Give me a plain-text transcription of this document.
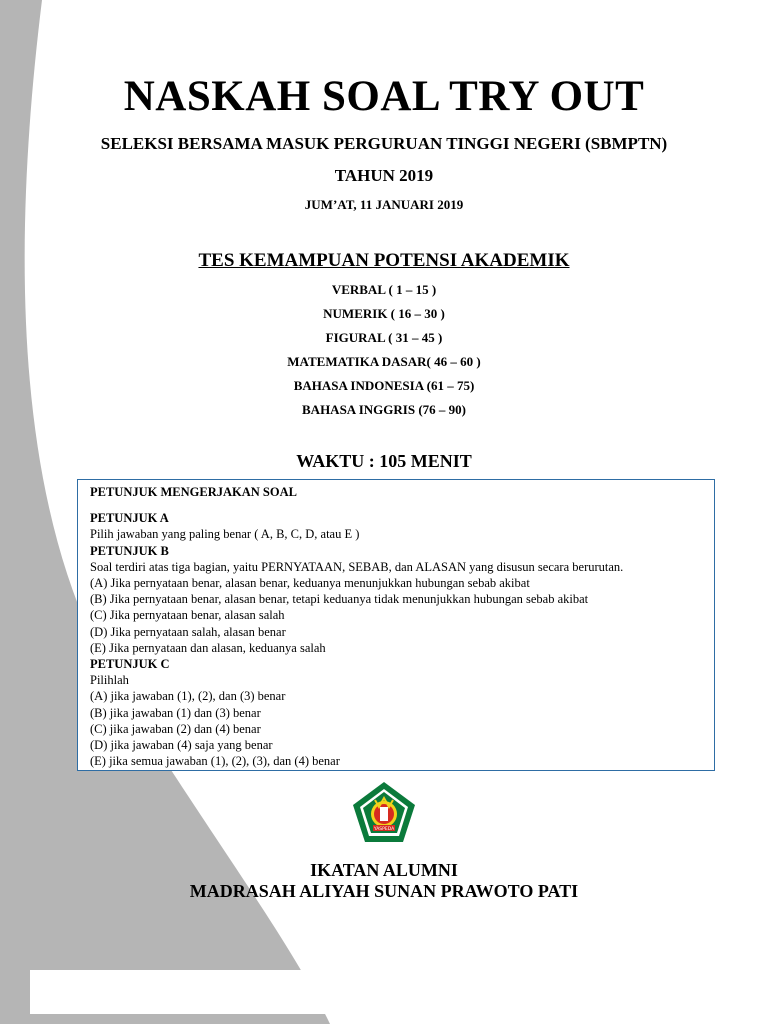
NASKAH SOAL TRY OUT
SELEKSI BERSAMA MASUK PERGURUAN TINGGI NEGERI (SBMPTN)
TAHUN 2019
JUM’AT, 11 JANUARI 2019
TES KEMAMPUAN POTENSI AKADEMIK
VERBAL ( 1 – 15 )
NUMERIK ( 16 – 30 )
FIGURAL ( 31 – 45 )
MATEMATIKA DASAR( 46 – 60 )
BAHASA INDONESIA (61 – 75)
BAHASA INGGRIS (76 – 90)
WAKTU : 105 MENIT
PETUNJUK MENGERJAKAN SOAL
PETUNJUK A
Pilih jawaban yang paling benar ( A, B, C, D, atau E )
PETUNJUK B
Soal terdiri atas tiga bagian, yaitu PERNYATAAN, SEBAB, dan ALASAN yang disusun secara berurutan.
(A) Jika pernyataan benar, alasan benar, keduanya menunjukkan hubungan sebab akibat
(B) Jika pernyataan benar, alasan benar, tetapi keduanya tidak menunjukkan hubungan sebab akibat
(C) Jika pernyataan benar, alasan salah
(D) Jika pernyataan salah, alasan benar
(E) Jika pernyataan dan alasan, keduanya salah
PETUNJUK C
Pilihlah
(A) jika jawaban (1), (2), dan (3) benar
(B) jika jawaban (1) dan (3) benar
(C) jika jawaban (2) dan (4) benar
(D) jika jawaban (4) saja yang benar
(E) jika semua jawaban (1), (2), (3), dan (4) benar
YASPEDA
IKATAN ALUMNI
MADRASAH ALIYAH SUNAN PRAWOTO PATI
